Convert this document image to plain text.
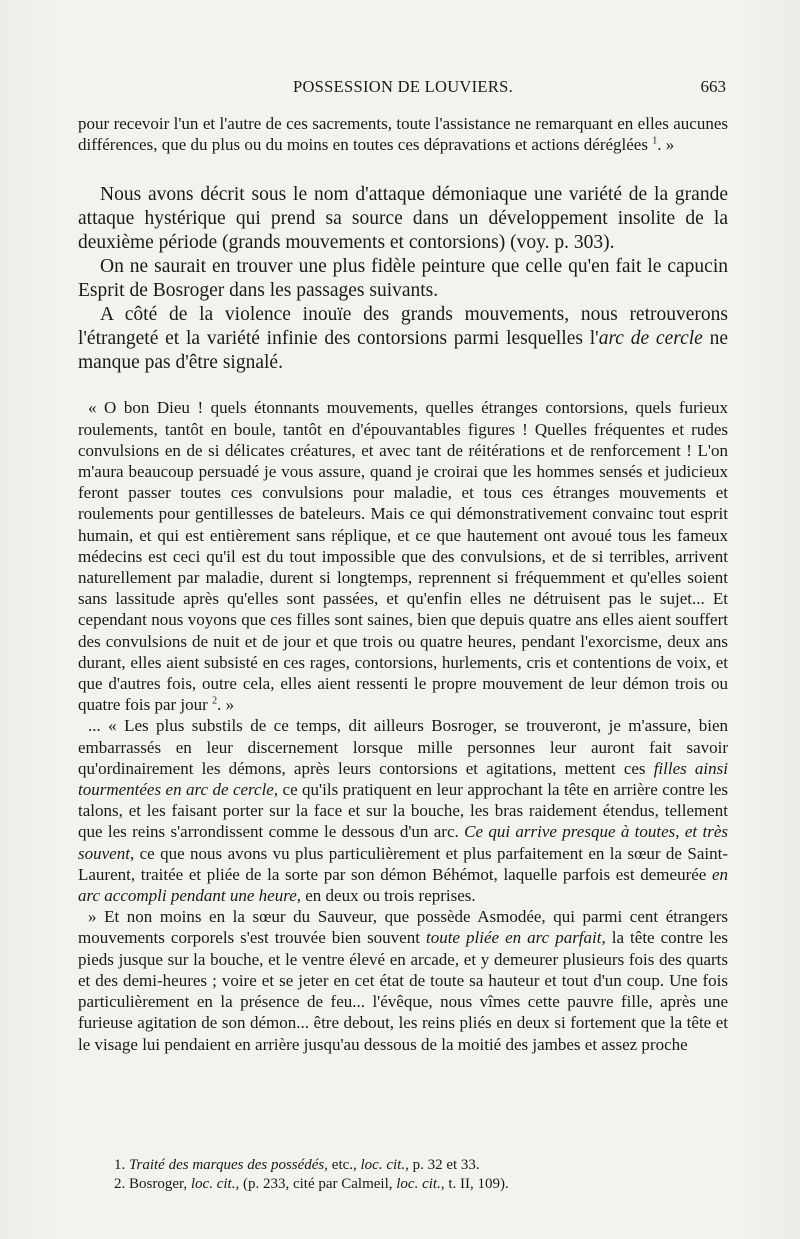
POSSESSION DE LOUVIERS.	663

pour recevoir l'un et l'autre de ces sacrements, toute l'assistance ne remarquant en elles aucunes différences, que du plus ou du moins en toutes ces dépravations et actions déréglées $^1$. »

Nous avons décrit sous le nom d'attaque démoniaque une variété de la grande attaque hystérique qui prend sa source dans un développement insolite de la deuxième période (grands mouvements et contorsions) (voy. p. 303).

On ne saurait en trouver une plus fidèle peinture que celle qu'en fait le capucin Esprit de Bosroger dans les passages suivants.

A côté de la violence inouïe des grands mouvements, nous retrouverons l'étrangeté et la variété infinie des contorsions parmi lesquelles l'arc de cercle ne manque pas d'être signalé.

« O bon Dieu ! quels étonnants mouvements, quelles étranges contorsions, quels furieux roulements, tantôt en boule, tantôt en d'épouvantables figures ! Quelles fréquentes et rudes convulsions en de si délicates créatures, et avec tant de réitérations et de renforcement ! L'on m'aura beaucoup persuadé je vous assure, quand je croirai que les hommes sensés et judicieux feront passer toutes ces convulsions pour maladie, et tous ces étranges mouvements et roulements pour gentillesses de bateleurs. Mais ce qui démonstrativement convainc tout esprit humain, et qui est entièrement sans réplique, et ce que hautement ont avoué tous les fameux médecins est ceci qu'il est du tout impossible que des convulsions, et de si terribles, arrivent naturellement par maladie, durent si longtemps, reprennent si fréquemment et qu'elles soient sans lassitude après qu'elles sont passées, et qu'enfin elles ne détruisent pas le sujet... Et cependant nous voyons que ces filles sont saines, bien que depuis quatre ans elles aient souffert des convulsions de nuit et de jour et que trois ou quatre heures, pendant l'exorcisme, deux ans durant, elles aient subsisté en ces rages, contorsions, hurlements, cris et contentions de voix, et que d'autres fois, outre cela, elles aient ressenti le propre mouvement de leur démon trois ou quatre fois par jour $^2$. »

... « Les plus substils de ce temps, dit ailleurs Bosroger, se trouveront, je m'assure, bien embarrassés en leur discernement lorsque mille personnes leur auront fait savoir qu'ordinairement les démons, après leurs contorsions et agitations, mettent ces filles ainsi tourmentées en arc de cercle, ce qu'ils pratiquent en leur approchant la tête en arrière contre les talons, et les faisant porter sur la face et sur la bouche, les bras raidement étendus, tellement que les reins s'arrondissent comme le dessous d'un arc. Ce qui arrive presque à toutes, et très souvent, ce que nous avons vu plus particulièrement et plus parfaitement en la sœur de Saint-Laurent, traitée et pliée de la sorte par son démon Béhémot, laquelle parfois est demeurée en arc accompli pendant une heure, en deux ou trois reprises.

» Et non moins en la sœur du Sauveur, que possède Asmodée, qui parmi cent étrangers mouvements corporels s'est trouvée bien souvent toute pliée en arc parfait, la tête contre les pieds jusque sur la bouche, et le ventre élevé en arcade, et y demeurer plusieurs fois des quarts et des demi-heures ; voire et se jeter en cet état de toute sa hauteur et tout d'un coup. Une fois particulièrement en la présence de feu... l'évêque, nous vîmes cette pauvre fille, après une furieuse agitation de son démon... être debout, les reins pliés en deux si fortement que la tête et le visage lui pendaient en arrière jusqu'au dessous de la moitié des jambes et assez proche

1. Traité des marques des possédés, etc., loc. cit., p. 32 et 33.

2. Bosroger, loc. cit., (p. 233, cité par Calmeil, loc. cit., t. II, 109).
